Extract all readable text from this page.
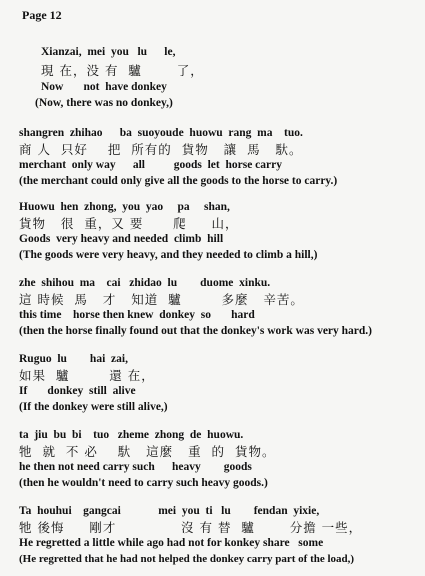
Page 12
Xianzai,  mei  you   lu      le,
現 在，没 有  驢       了，
Now       not  have donkey
(Now, there was no donkey,)
shangren  zhihao      ba  suoyoude  huowu  rang  ma    tuo.
商 人  只好    把  所有的  貨物   讓  馬   馱。
merchant  only way      all          goods  let  horse carry
(the merchant could only give all the goods to the horse to carry.)
Huowu  hen  zhong,  you  yao     pa     shan,
貨物   很  重，又 要      爬     山，
Goods  very heavy and needed  climb  hill
(The goods were very heavy, and they needed to climb a hill,)
zhe  shihou  ma    cai   zhidao  lu        duome  xinku.
這 時候  馬   才   知道  驢        多麼   辛苦。
this time    horse then knew  donkey  so       hard
(then the horse finally found out that the donkey's work was very hard.)
Ruguo  lu        hai  zai,
如果  驢        還 在，
If       donkey  still  alive
(If the donkey were still alive,)
ta  jiu  bu  bi    tuo   zheme  zhong  de  huowu.
牠  就  不 必    馱   這麼   重  的  貨物。
he then not need carry such      heavy        goods
(then he wouldn't need to carry such heavy goods.)
Ta  houhui    gangcai             mei  you  ti   lu        fendan  yixie,
牠 後悔     剛才             沒 有 替  驢       分擔 一些，
He regretted a little while ago had not for konkey share   some
(He regretted that he had not helped the donkey carry part of the load,)
